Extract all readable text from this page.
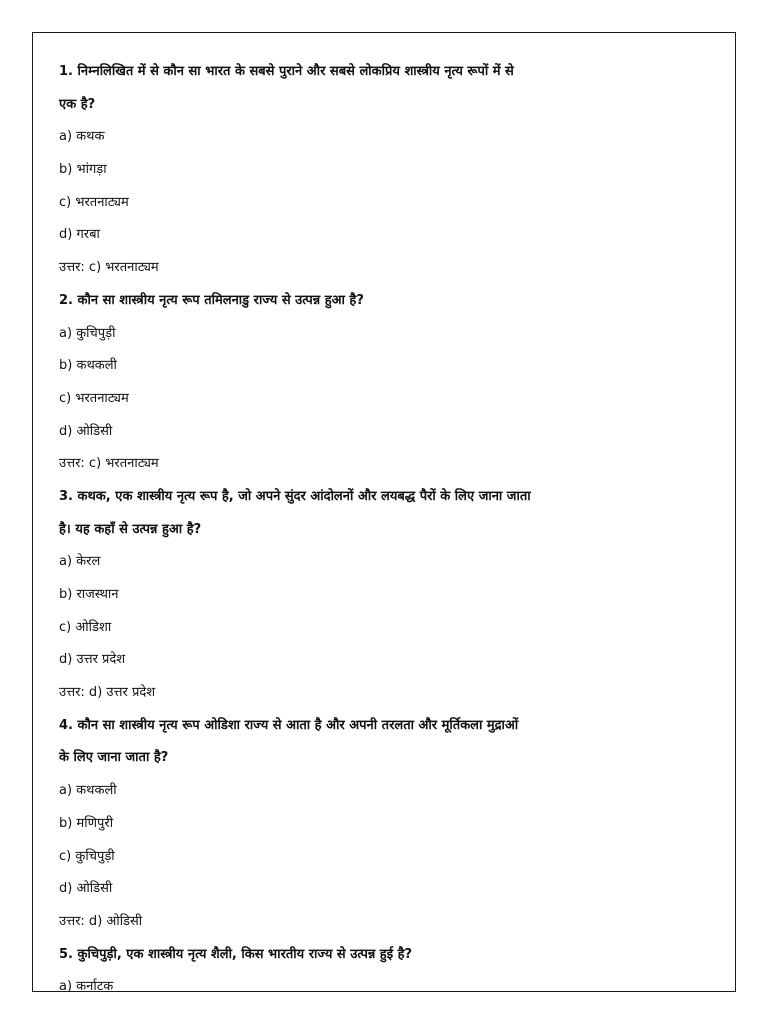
1. निम्नलिखित में से कौन सा भारत के सबसे पुराने और सबसे लोकप्रिय शास्त्रीय नृत्य रूपों में से
एक है?
a) कथक
b) भांगड़ा
c) भरतनाट्यम
d) गरबा
उत्तर: c) भरतनाट्यम
2. कौन सा शास्त्रीय नृत्य रूप तमिलनाडु राज्य से उत्पन्न हुआ है?
a) कुचिपुड़ी
b) कथकली
c) भरतनाट्यम
d) ओडिसी
उत्तर: c) भरतनाट्यम
3. कथक, एक शास्त्रीय नृत्य रूप है, जो अपने सुंदर आंदोलनों और लयबद्ध पैरों के लिए जाना जाता
है। यह कहाँ से उत्पन्न हुआ है?
a) केरल
b) राजस्थान
c) ओडिशा
d) उत्तर प्रदेश
उत्तर: d) उत्तर प्रदेश
4. कौन सा शास्त्रीय नृत्य रूप ओडिशा राज्य से आता है और अपनी तरलता और मूर्तिकला मुद्राओं
के लिए जाना जाता है?
a) कथकली
b) मणिपुरी
c) कुचिपुड़ी
d) ओडिसी
उत्तर: d) ओडिसी
5. कुचिपुड़ी, एक शास्त्रीय नृत्य शैली, किस भारतीय राज्य से उत्पन्न हुई है?
a) कर्नाटक
